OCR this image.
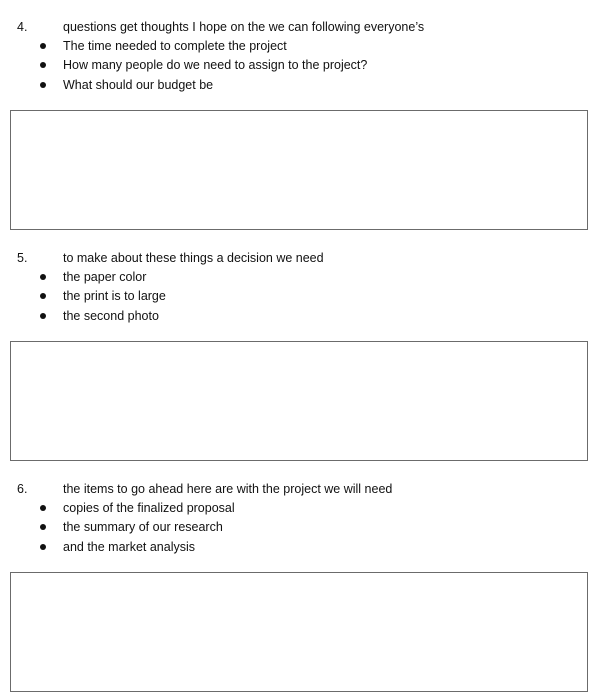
4.	questions get thoughts I hope on the we can following everyone’s
The time needed to complete the project
How many people do we need to assign to the project?
What should our budget be
5.	to make about these things a decision we need
the paper color
the print is to large
the second photo
6.	the items to go ahead here are with the project we will need
copies of the finalized proposal
the summary of our research
and the market analysis
